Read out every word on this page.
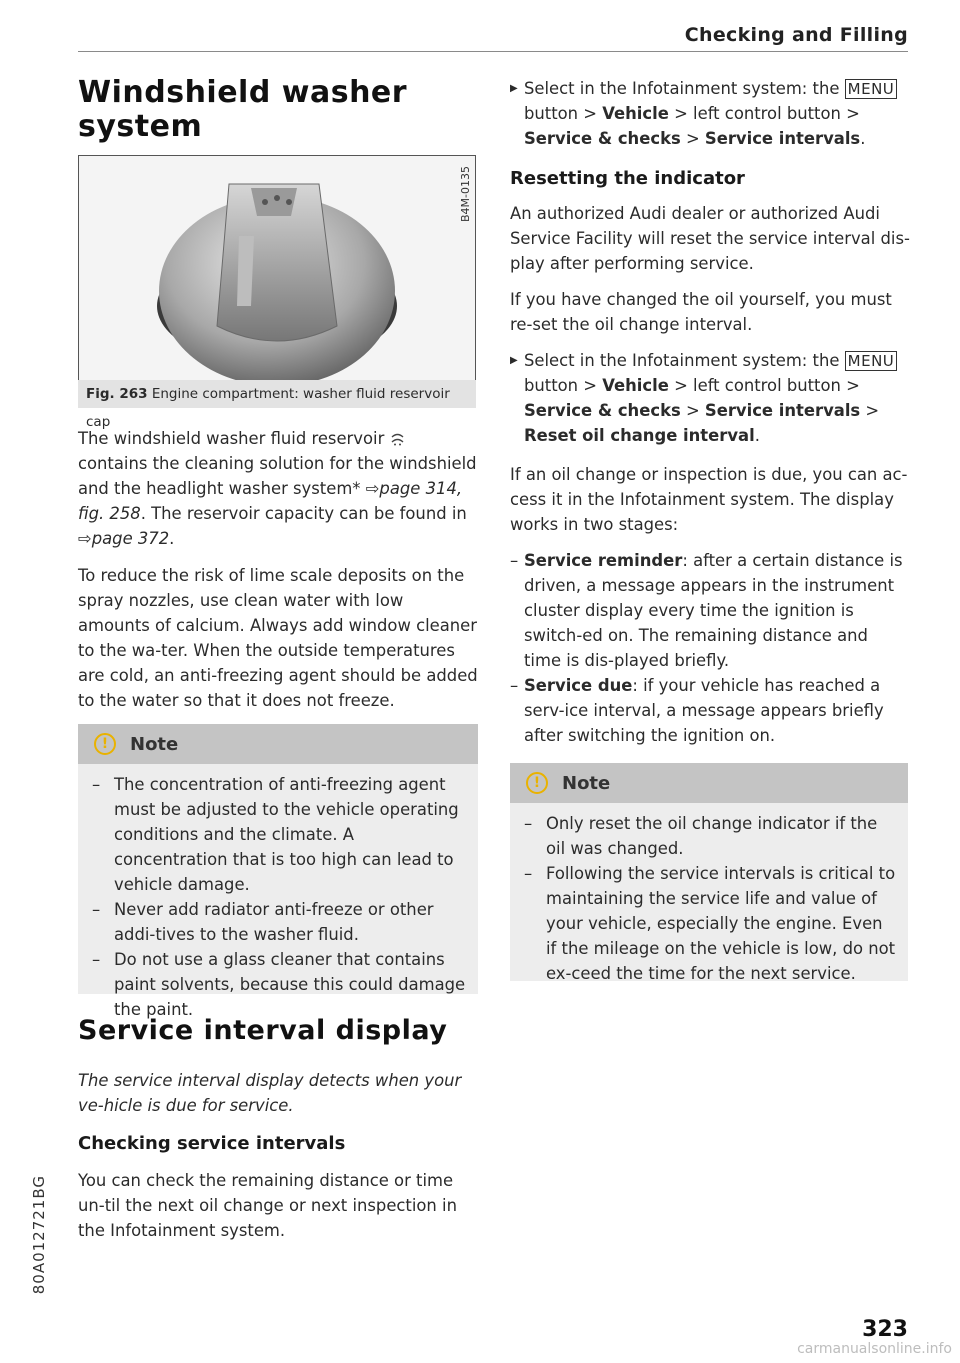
Checking and Filling
Windshield washer
system
B4M-0135
Fig. 263 Engine compartment: washer fluid reservoir cap

The windshield washer fluid reservoir  contains the cleaning solution for the windshield and the headlight washer system* ⇨page 314, fig. 258. The reservoir capacity can be found in ⇨page 372.

To reduce the risk of lime scale deposits on the spray nozzles, use clean water with low amounts of calcium. Always add window cleaner to the wa-ter. When the outside temperatures are cold, an anti-freezing agent should be added to the water so that it does not freeze.

!	Note
– The concentration of anti-freezing agent must be adjusted to the vehicle operating conditions and the climate. A concentration that is too high can lead to vehicle damage.
– Never add radiator anti-freeze or other addi-tives to the washer fluid.
– Do not use a glass cleaner that contains paint solvents, because this could damage the paint.
Service interval display

The service interval display detects when your ve-hicle is due for service.

Checking service intervals

You can check the remaining distance or time un-til the next oil change or next inspection in the Infotainment system.

▶ Select in the Infotainment system: the MENU button > Vehicle > left control button > Service & checks > Service intervals.
Resetting the indicator

An authorized Audi dealer or authorized Audi Service Facility will reset the service interval dis-play after performing service.

If you have changed the oil yourself, you must re-set the oil change interval.

▶ Select in the Infotainment system: the MENU button > Vehicle > left control button > Service & checks > Service intervals > Reset oil change interval.

If an oil change or inspection is due, you can ac-cess it in the Infotainment system. The display works in two stages:

– Service reminder: after a certain distance is driven, a message appears in the instrument cluster display every time the ignition is switch-ed on. The remaining distance and time is dis-played briefly.
– Service due: if your vehicle has reached a serv-ice interval, a message appears briefly after switching the ignition on.
!	Note
– Only reset the oil change indicator if the oil was changed.
– Following the service intervals is critical to maintaining the service life and value of your vehicle, especially the engine. Even if the mileage on the vehicle is low, do not ex-ceed the time for the next service.
80A012721BG
323
carmanualsonline.info
